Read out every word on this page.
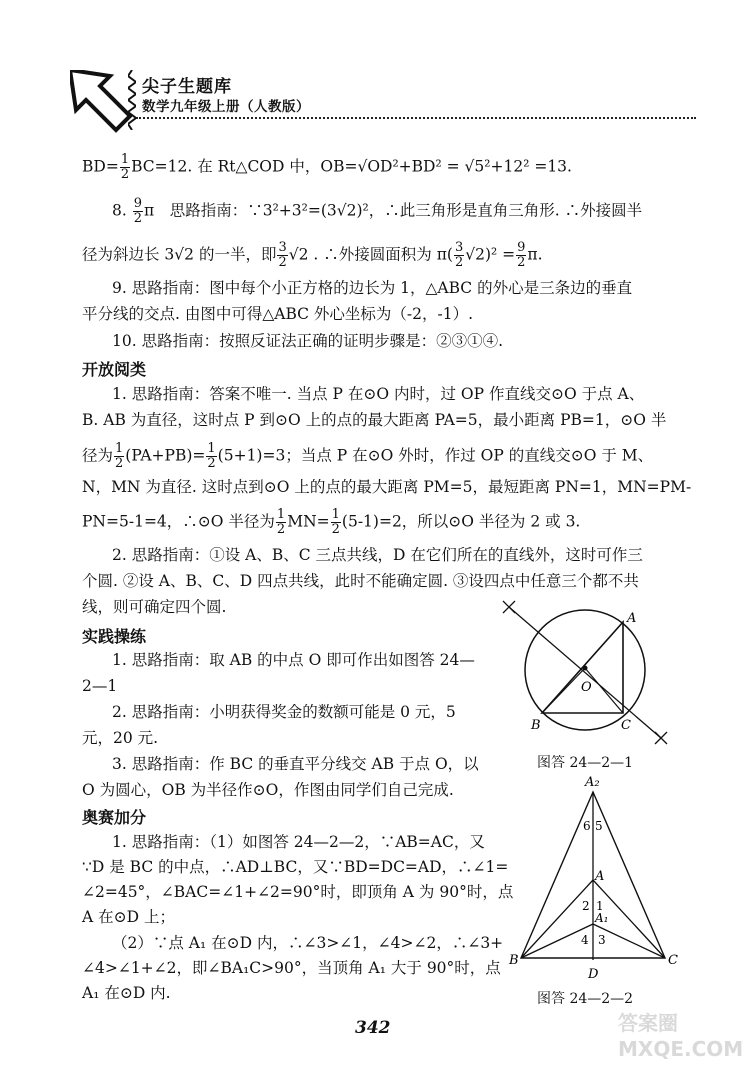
尖子生题库
数学九年级上册（人教版）
$BD= \frac{1}{2} BC=12$. 在 Rt△COD 中，OB=√OD²+BD² = √5²+12² =13.
8. $\frac{9}{2}$ π　思路指南：∵3²+3²=(3√2)²，∴此三角形是直角三角形. ∴外接圆半
径为斜边长 3√2 的一半，即 $\frac{3}{2} √2$ . ∴外接圆面积为 $\pi( \frac{3}{2} √2)^2 = \frac{9}{2} \pi$.
9. 思路指南：图中每个小正方格的边长为 1，△ABC 的外心是三条边的垂直
平分线的交点. 由图中可得△ABC 外心坐标为（-2，-1）.
10. 思路指南：按照反证法正确的证明步骤是：②③①④.
开放阅类
1. 思路指南：答案不唯一. 当点 P 在⊙O 内时，过 OP 作直线交⊙O 于点 A、
B. AB 为直径，这时点 P 到⊙O 上的点的最大距离 PA=5，最小距离 PB=1，⊙O 半
径为 $\frac{1}{2} (PA+PB)= \frac{1}{2} (5+1)=3$；当点 P 在⊙O 外时，作过 OP 的直线交⊙O 于 M、
N，MN 为直径. 这时点到⊙O 上的点的最大距离 PM=5，最短距离 PN=1，MN=PM-
PN=5-1=4，∴⊙O 半径为 $\frac{1}{2} MN= \frac{1}{2} (5-1)=2$，所以⊙O 半径为 2 或 3.
2. 思路指南：①设 A、B、C 三点共线，D 在它们所在的直线外，这时可作三
个圆. ②设 A、B、C、D 四点共线，此时不能确定圆. ③设四点中任意三个都不共
线，则可确定四个圆.
实践操练
1. 思路指南：取 AB 的中点 O 即可作出如图答 24—
2—1
2. 思路指南：小明获得奖金的数额可能是 0 元，5
元，20 元.
3. 思路指南：作 BC 的垂直平分线交 AB 于点 O，以
O 为圆心，OB 为半径作⊙O，作图由同学们自己完成.
奥赛加分
1. 思路指南：（1）如图答 24—2—2，∵AB=AC，又
∵D 是 BC 的中点，∴AD⊥BC，又∵BD=DC=AD，∴∠1=
∠2=45°，∠BAC=∠1+∠2=90°时，即顶角 A 为 90°时，点
A 在⊙D 上；
（2）∵点 A₁ 在⊙D 内，∴∠3>∠1，∠4>∠2，∴∠3+
∠4>∠1+∠2，即∠BA₁C>90°，当顶角 A₁ 大于 90°时，点
A₁ 在⊙D 内.
A
B	C
O
图答 24—2—1
A₂
6 5
A
2 1
A₁
4 3
B	C
D
图答 24—2—2
342	答案圈 MXQE.COM
